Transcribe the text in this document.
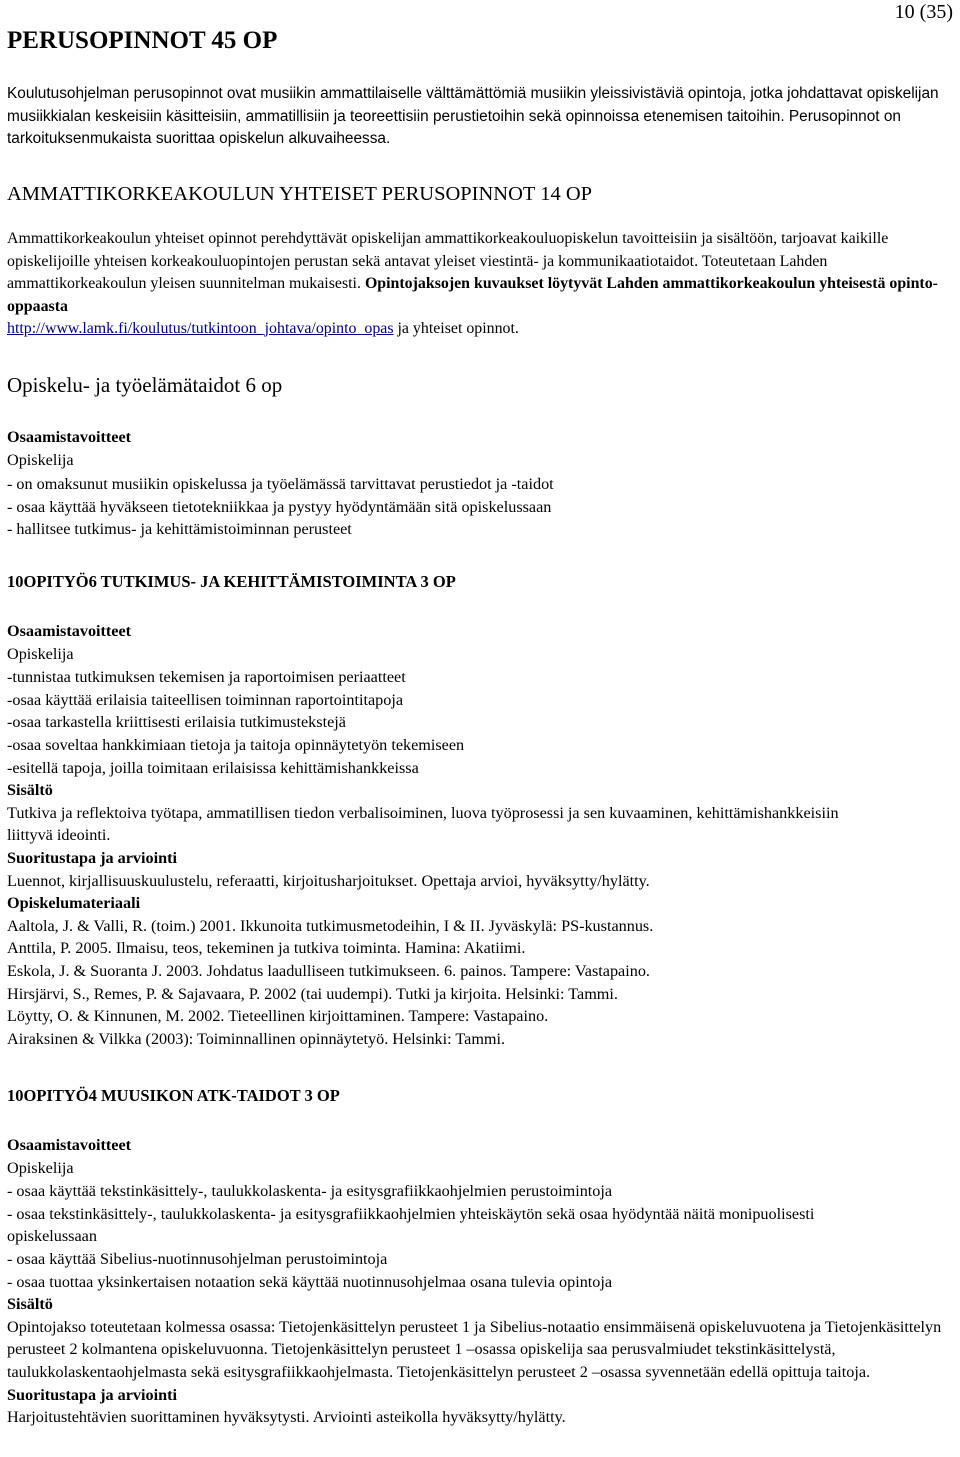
10 (35)
PERUSOPINNOT 45 OP

Koulutusohjelman perusopinnot ovat musiikin ammattilaiselle välttämättömiä musiikin yleissivistäviä opintoja, jotka johdattavat opiskelijan musiikkialan keskeisiin käsitteisiin, ammatillisiin ja teoreettisiin perustietoihin sekä opinnoissa etenemisen taitoihin. Perusopinnot on tarkoituksenmukaista suorittaa opiskelun alkuvaiheessa.

AMMATTIKORKEAKOULUN YHTEISET PERUSOPINNOT 14 OP

Ammattikorkeakoulun yhteiset opinnot perehdyttävät opiskelijan ammattikorkeakouluopiskelun tavoitteisiin ja sisältöön, tarjoavat kaikille opiskelijoille yhteisen korkeakouluopintojen perustan sekä antavat yleiset viestintä- ja kommunikaatiotaidot. Toteutetaan Lahden ammattikorkeakoulun yleisen suunnitelman mukaisesti. Opintojaksojen kuvaukset löytyvät Lahden ammattikorkeakoulun yhteisestä opinto-oppaasta
http://www.lamk.fi/koulutus/tutkintoon_johtava/opinto_opas ja yhteiset opinnot.

Opiskelu- ja työelämätaidot 6 op

Osaamistavoitteet

Opiskelija
- on omaksunut musiikin opiskelussa ja työelämässä tarvittavat perustiedot ja -taidot
- osaa käyttää hyväkseen tietotekniikkaa ja pystyy hyödyntämään sitä opiskelussaan
- hallitsee tutkimus- ja kehittämistoiminnan perusteet
10OPITYÖ6 TUTKIMUS- JA KEHITTÄMISTOIMINTA 3 OP

Osaamistavoitteet

Opiskelija
-tunnistaa tutkimuksen tekemisen ja raportoimisen periaatteet
-osaa käyttää erilaisia taiteellisen toiminnan raportointitapoja
-osaa tarkastella kriittisesti erilaisia tutkimustekstejä
-osaa soveltaa hankkimiaan tietoja ja taitoja opinnäytetyön tekemiseen
-esitellä tapoja, joilla toimitaan erilaisissa kehittämishankkeissa

Sisältö

Tutkiva ja reflektoiva työtapa, ammatillisen tiedon verbalisoiminen, luova työprosessi ja sen kuvaaminen, kehittämishankkeisiin liittyvä ideointi.

Suoritustapa ja arviointi

Luennot, kirjallisuuskuulustelu, referaatti, kirjoitusharjoitukset. Opettaja arvioi, hyväksytty/hylätty.

Opiskelumateriaali

Aaltola, J. & Valli, R. (toim.) 2001. Ikkunoita tutkimusmetodeihin, I & II. Jyväskylä: PS-kustannus.
Anttila, P. 2005. Ilmaisu, teos, tekeminen ja tutkiva toiminta. Hamina: Akatiimi.
Eskola, J. & Suoranta J. 2003. Johdatus laadulliseen tutkimukseen. 6. painos. Tampere: Vastapaino.
Hirsjärvi, S., Remes, P. & Sajavaara, P. 2002 (tai uudempi). Tutki ja kirjoita. Helsinki: Tammi.
Löytty, O. & Kinnunen, M. 2002. Tieteellinen kirjoittaminen. Tampere: Vastapaino.
Airaksinen & Vilkka (2003): Toiminnallinen opinnäytetyö. Helsinki: Tammi.
10OPITYÖ4 MUUSIKON ATK-TAIDOT 3 OP

Osaamistavoitteet

Opiskelija
- osaa käyttää tekstinkäsittely-, taulukkolaskenta- ja esitysgrafiikkaohjelmien perustoimintoja

- osaa tekstinkäsittely-, taulukkolaskenta- ja esitysgrafiikkaohjelmien yhteiskäytön sekä osaa hyödyntää näitä monipuolisesti opiskelussaan

- osaa käyttää Sibelius-nuotinnusohjelman perustoimintoja
- osaa tuottaa yksinkertaisen notaation sekä käyttää nuotinnusohjelmaa osana tulevia opintoja

Sisältö

Opintojakso toteutetaan kolmessa osassa: Tietojenkäsittelyn perusteet 1 ja Sibelius-notaatio ensimmäisenä opiskeluvuotena ja Tietojenkäsittelyn perusteet 2 kolmantena opiskeluvuonna. Tietojenkäsittelyn perusteet 1 –osassa opiskelija saa perusvalmiudet tekstinkäsittelystä, taulukkolaskentaohjelmasta sekä esitysgrafiikkaohjelmasta. Tietojenkäsittelyn perusteet 2 –osassa syvennetään edellä opittuja taitoja.

Suoritustapa ja arviointi

Harjoitustehtävien suorittaminen hyväksytysti. Arviointi asteikolla hyväksytty/hylätty.
